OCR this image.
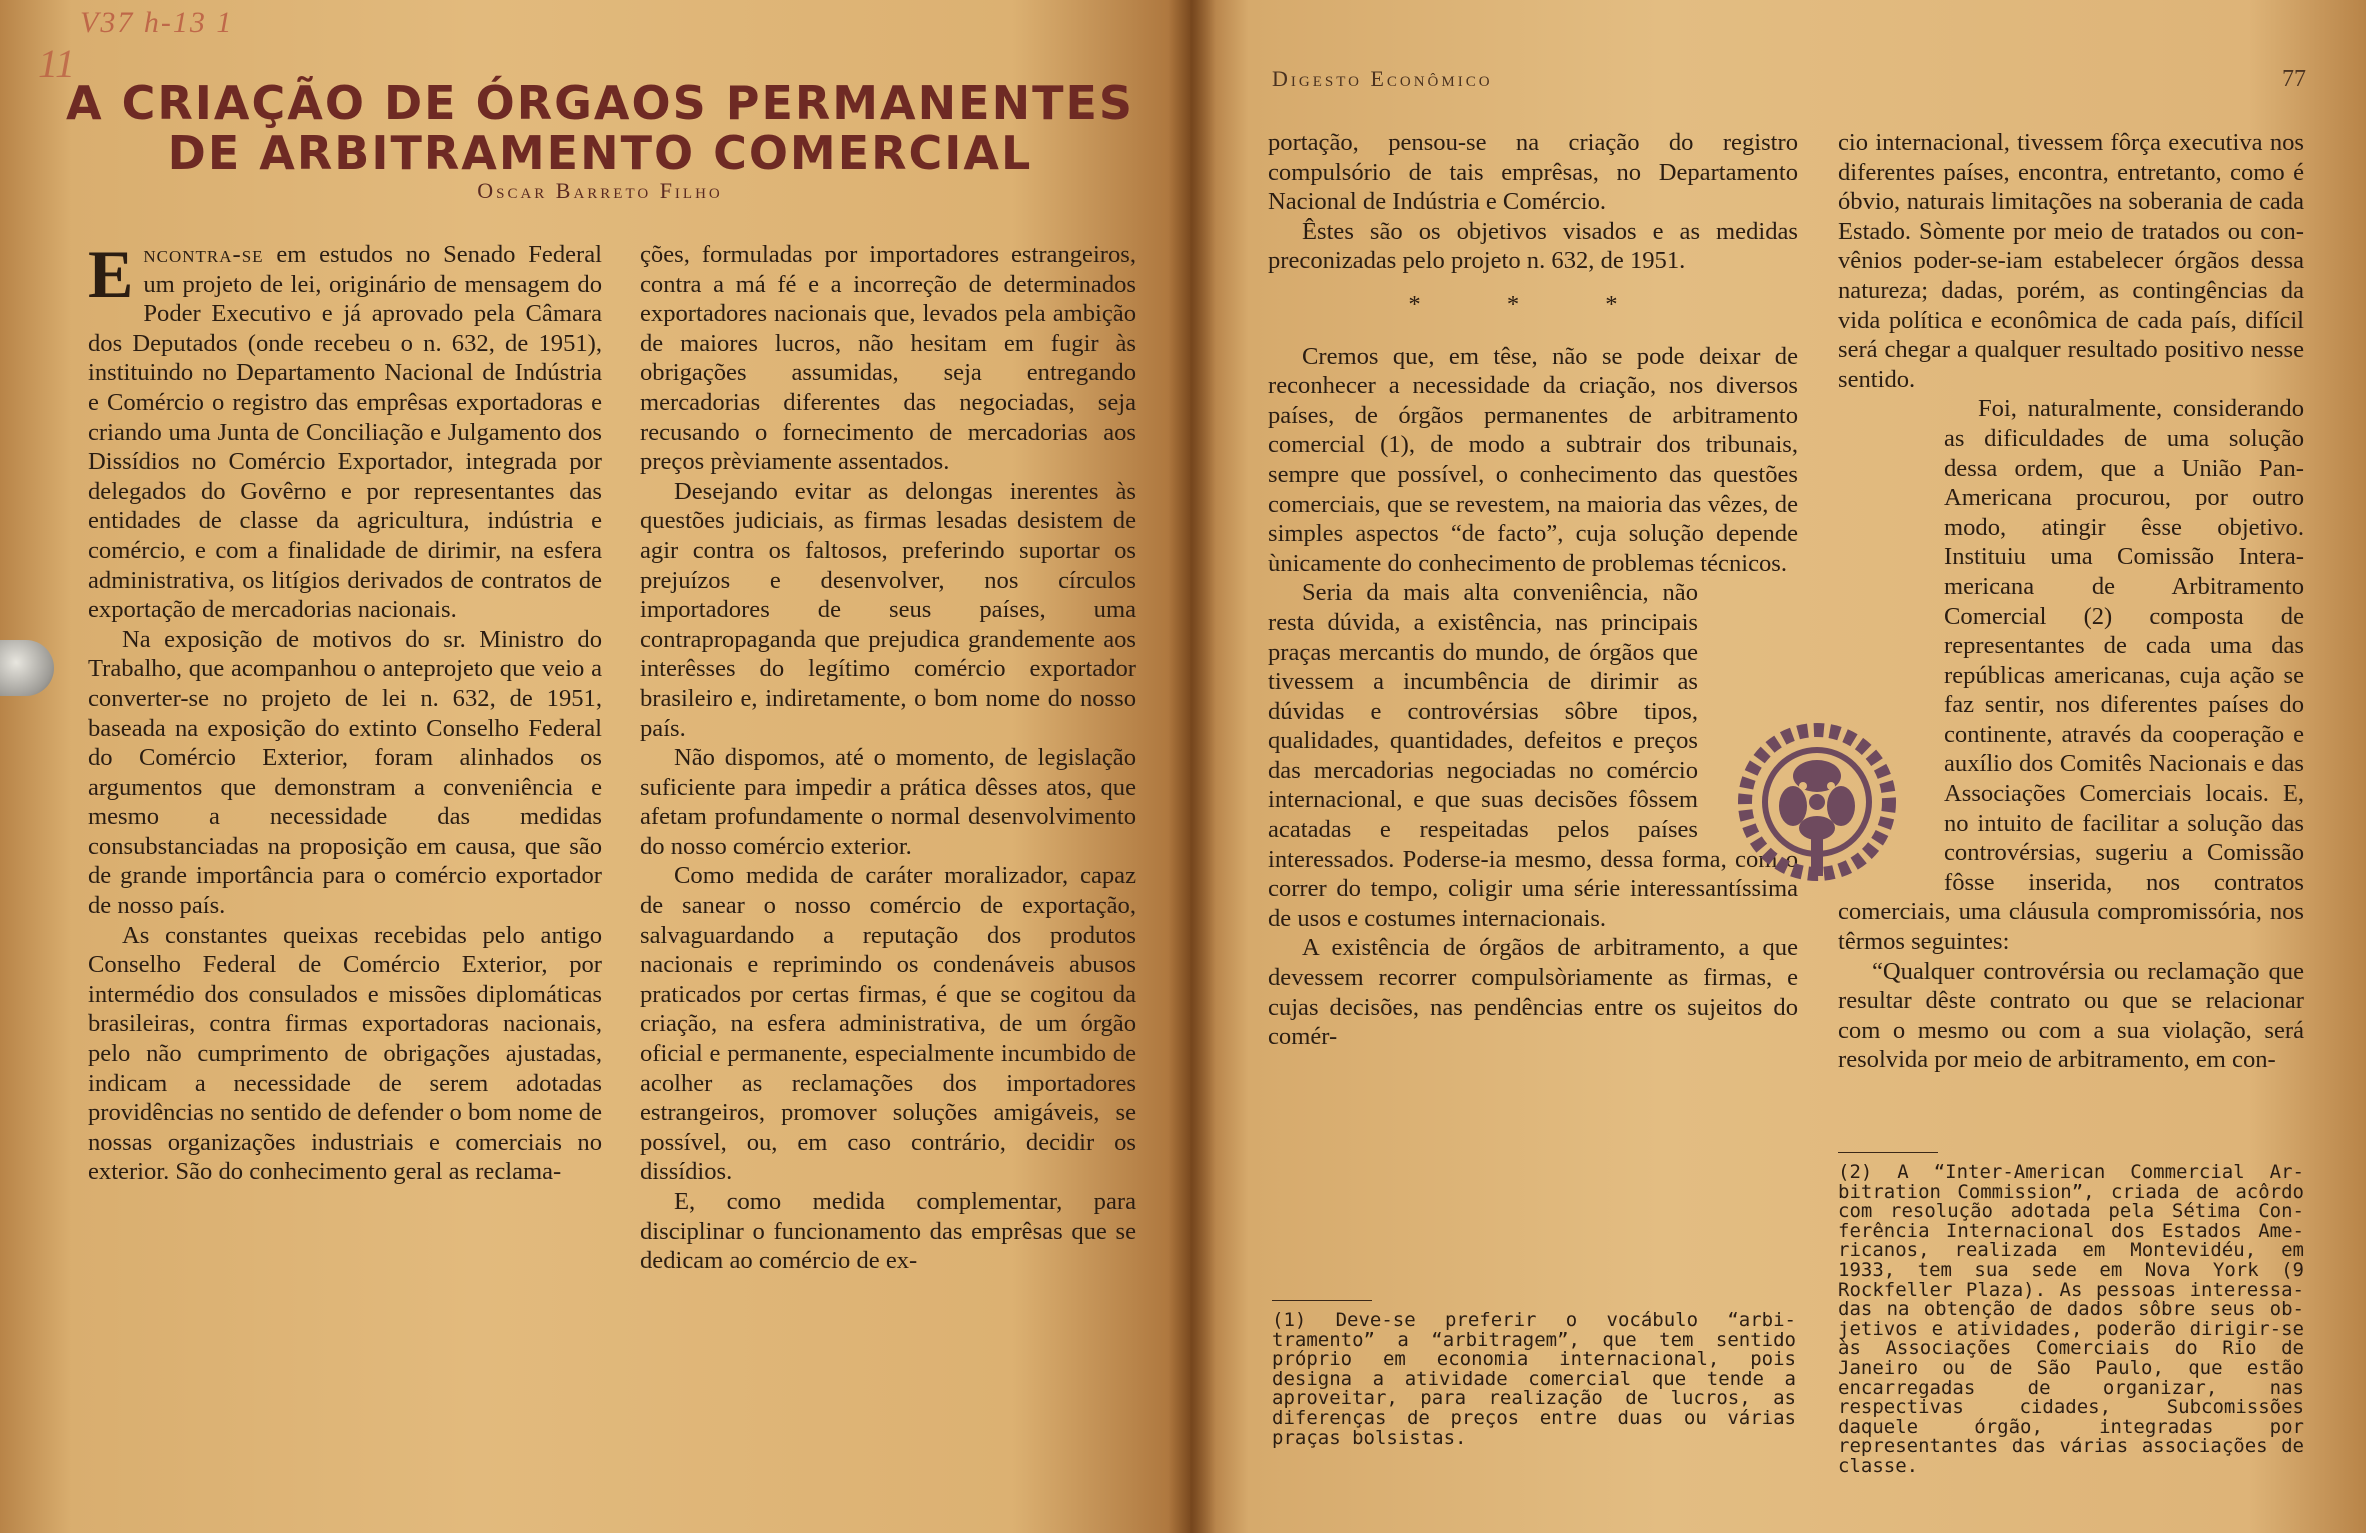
V37 h-13 1
11
A CRIAÇÃO DE ÓRGAOS PERMANENTES
DE ARBITRAMENTO COMERCIAL
Oscar Barreto Filho

Encontra-se em estudos no Senado Federal um projeto de lei, originário de mensagem do Poder Executivo e já aprovado pela Câmara dos Deputados (onde recebeu o n. 632, de 1951), instituindo no Departamento Nacional de Indústria e Comércio o registro das emprêsas exportadoras e criando uma Junta de Conciliação e Julgamento dos Dissídios no Comércio Exportador, integrada por delegados do Govêrno e por representantes das entidades de classe da agricultura, indústria e comércio, e com a finalidade de dirimir, na esfera administrativa, os litígios derivados de contratos de exportação de mercadorias nacionais.

Na exposição de motivos do sr. Ministro do Trabalho, que acompanhou o anteprojeto que veio a converter-se no projeto de lei n. 632, de 1951, baseada na exposição do extinto Conselho Federal do Comércio Exterior, foram alinhados os argumentos que demonstram a conveniência e mesmo a necessidade das medidas consubstanciadas na proposição em causa, que são de grande importância para o comércio exportador de nosso país.

As constantes queixas recebidas pelo antigo Conselho Federal de Comércio Exterior, por intermédio dos consulados e missões diplomáticas brasileiras, contra firmas exportadoras nacionais, pelo não cumprimento de obrigações ajustadas, indicam a necessidade de serem adotadas providências no sentido de defender o bom nome de nossas organizações industriais e comerciais no exterior. São do conhecimento geral as reclama-

ções, formuladas por importadores estrangeiros, contra a má fé e a incorreção de determinados exportadores nacionais que, levados pela ambição de maiores lucros, não hesitam em fugir às obrigações assumidas, seja entregando mercadorias diferentes das negociadas, seja recusando o fornecimento de mercadorias aos preços prèviamente assentados.

Desejando evitar as delongas inerentes às questões judiciais, as firmas lesadas desistem de agir contra os faltosos, preferindo suportar os prejuízos e desenvolver, nos círculos importadores de seus países, uma contrapropaganda que prejudica grandemente aos interêsses do legítimo comércio exportador brasileiro e, indiretamente, o bom nome do nosso país.

Não dispomos, até o momento, de legislação suficiente para impedir a prática dêsses atos, que afetam profundamente o normal desenvolvimento do nosso comércio exterior.

Como medida de caráter moralizador, capaz de sanear o nosso comércio de exportação, salvaguardando a reputação dos produtos nacionais e reprimindo os condenáveis abusos praticados por certas firmas, é que se cogitou da criação, na esfera administrativa, de um órgão oficial e permanente, especialmente incumbido de acolher as reclamações dos importadores estrangeiros, promover soluções amigáveis, se possível, ou, em caso contrário, decidir os dissídios.

E, como medida complementar, para disciplinar o funcionamento das emprêsas que se dedicam ao comércio de ex-

Digesto Econômico	77

portação, pensou-se na criação do registro compulsório de tais emprêsas, no Departamento Nacional de Indústria e Comércio.

Êstes são os objetivos visados e as medidas preconizadas pelo projeto n. 632, de 1951.

* * *

Cremos que, em têse, não se pode deixar de reconhecer a necessidade da criação, nos diversos países, de órgãos permanentes de arbitramento comercial (1), de modo a subtrair dos tribunais, sempre que possível, o conhecimento das questões comerciais, que se revestem, na maioria das vêzes, de simples aspectos “de facto”, cuja solução depende ùnicamente do conhecimento de problemas técnicos.

Seria da mais alta conveniência, não resta dúvida, a existência, nas principais praças mercantis do mundo, de órgãos que tivessem a incumbência de dirimir as dúvidas e controvérsias sôbre tipos, qualidades, quantidades, defeitos e preços das mercadorias negociadas no comércio internacional, e que suas decisões fôssem acatadas e respeitadas pelos países interessados. Poderse-ia mesmo, dessa forma, com o correr do tempo, coligir uma série interessantíssima de usos e costumes internacionais.

A existência de órgãos de arbitramento, a que devessem recorrer compulsòriamente as firmas, e cujas decisões, nas pendências entre os sujeitos do comér-

cio internacional, tivessem fôrça executiva nos diferentes países, encontra, entretanto, como é óbvio, naturais limitações na soberania de cada Estado. Sòmente por meio de tratados ou convênios poder-se-iam estabelecer órgãos dessa natureza; dadas, porém, as contingências da vida política e econômica de cada país, difícil será chegar a qualquer resultado positivo nesse sentido.

Foi, naturalmente, considerando as dificuldades de uma solução dessa ordem, que a União Pan-Americana procurou, por outro modo, atingir êsse objetivo. Instituiu uma Comissão Interamericana de Arbitramento Comercial (2) composta de representantes de cada uma das repúblicas americanas, cuja ação se faz sentir, nos diferentes países do continente, através da cooperação e auxílio dos Comitês Nacionais e das Associações Comerciais locais. E, no intuito de facilitar a solução das controvérsias, sugeriu a Comissão fôsse inserida, nos contratos comerciais, uma cláusula compromissória, nos têrmos seguintes:

“Qualquer controvérsia ou reclamação que resultar dêste contrato ou que se relacionar com o mesmo ou com a sua violação, será resolvida por meio de arbitramento, em con-

(1) Deve-se preferir o vocábulo “arbitramento” a “arbitragem”, que tem sentido próprio em economia internacional, pois designa a atividade comercial que tende a aproveitar, para realização de lucros, as diferenças de preços entre duas ou várias praças bolsistas.
(2) A “Inter-American Commercial Arbitration Commission”, criada de acôrdo com resolução adotada pela Sétima Conferência Internacional dos Estados Americanos, realizada em Montevidéu, em 1933, tem sua sede em Nova York (9 Rockfeller Plaza). As pessoas interessadas na obtenção de dados sôbre seus objetivos e atividades, poderão dirigir-se às Associações Comerciais do Rio de Janeiro ou de São Paulo, que estão encarregadas de organizar, nas respectivas cidades, Subcomissões daquele órgão, integradas por representantes das várias associações de classe.
